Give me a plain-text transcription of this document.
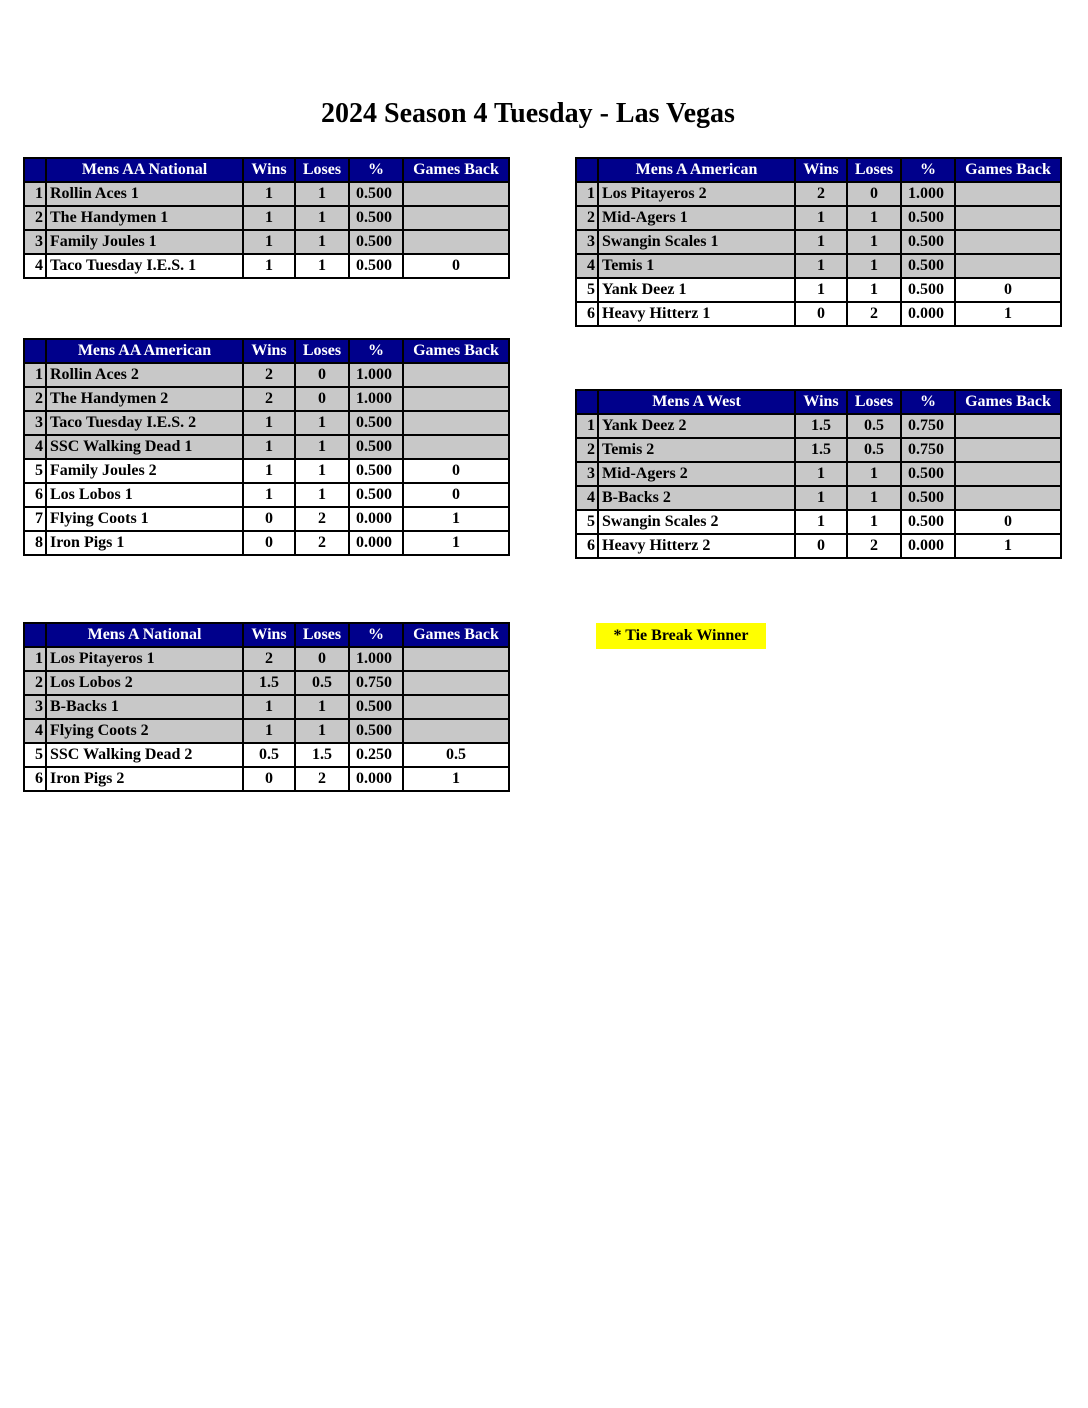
2024 Season 4 Tuesday - Las Vegas
	Mens AA National	Wins	Loses	%	Games Back
1	Rollin Aces 1	1	1	0.500	
2	The Handymen 1	1	1	0.500	
3	Family Joules 1	1	1	0.500	
4	Taco Tuesday I.E.S. 1	1	1	0.500	0
	Mens AA American	Wins	Loses	%	Games Back
1	Rollin Aces 2	2	0	1.000	
2	The Handymen 2	2	0	1.000	
3	Taco Tuesday I.E.S. 2	1	1	0.500	
4	SSC Walking Dead 1	1	1	0.500	
5	Family Joules 2	1	1	0.500	0
6	Los Lobos 1	1	1	0.500	0
7	Flying Coots 1	0	2	0.000	1
8	Iron Pigs 1	0	2	0.000	1
	Mens A National	Wins	Loses	%	Games Back
1	Los Pitayeros 1	2	0	1.000	
2	Los Lobos 2	1.5	0.5	0.750	
3	B-Backs 1	1	1	0.500	
4	Flying Coots 2	1	1	0.500	
5	SSC Walking Dead 2	0.5	1.5	0.250	0.5
6	Iron Pigs 2	0	2	0.000	1
	Mens A American	Wins	Loses	%	Games Back
1	Los Pitayeros 2	2	0	1.000	
2	Mid-Agers 1	1	1	0.500	
3	Swangin Scales 1	1	1	0.500	
4	Temis 1	1	1	0.500	
5	Yank Deez 1	1	1	0.500	0
6	Heavy Hitterz 1	0	2	0.000	1
	Mens A West	Wins	Loses	%	Games Back
1	Yank Deez 2	1.5	0.5	0.750	
2	Temis 2	1.5	0.5	0.750	
3	Mid-Agers 2	1	1	0.500	
4	B-Backs 2	1	1	0.500	
5	Swangin Scales 2	1	1	0.500	0
6	Heavy Hitterz 2	0	2	0.000	1
* Tie Break Winner
